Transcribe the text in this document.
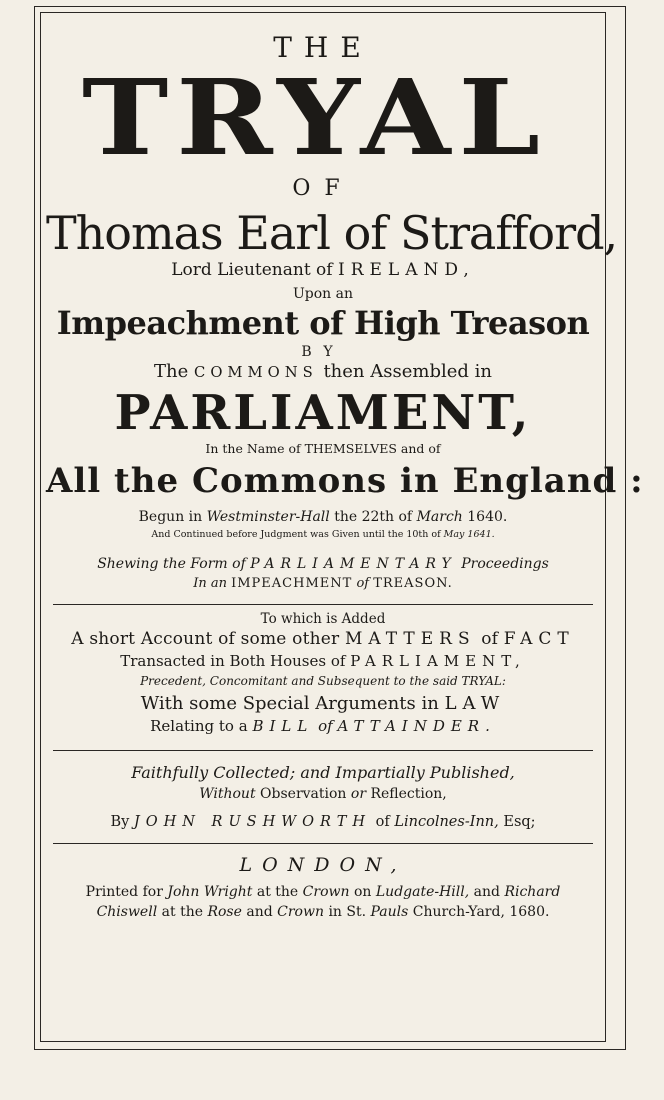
THE
TRYAL
OF
Thomas Earl of Strafford,
Lord Lieutenant of IRELAND,
Upon an
Impeachment of High Treason
BY
The COMMONS then Assembled in
PARLIAMENT,
In the Name of THEMSELVES and of
All the Commons in England :
Begun in Westminster-Hall the 22th of March 1640.
And Continued before Judgment was Given until the 10th of May 1641.
Shewing the Form of PARLIAMENTARY Proceedings
In an IMPEACHMENT of TREASON.
To which is Added
A short Account of some other MATTERS of FACT
Transacted in Both Houses of PARLIAMENT,
Precedent, Concomitant and Subsequent to the said TRYAL:
With some Special Arguments in LAW
Relating to a BILL of ATTAINDER.
Faithfully Collected; and Impartially Published,
Without Observation or Reflection,
By JOHN RUSHWORTH of Lincolnes-Inn, Esq;
LONDON,
Printed for John Wright at the Crown on Ludgate-Hill, and Richard
Chiswell at the Rose and Crown in St. Pauls Church-Yard, 1680.
